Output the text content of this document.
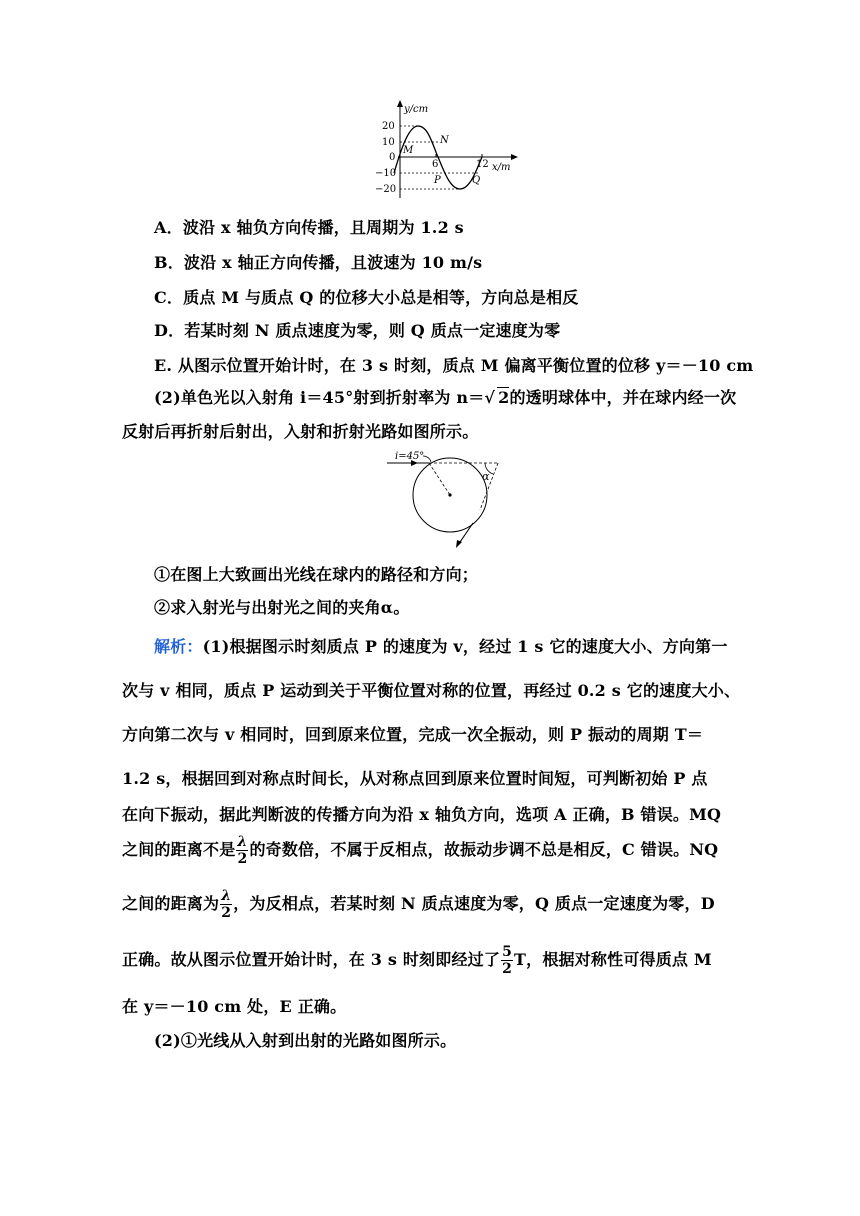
y/cm
x/m
20
10
0
−10
−20
6	12
M
N
P	Q
A．波沿 x 轴负方向传播，且周期为 1.2 s
B．波沿 x 轴正方向传播，且波速为 10 m/s
C．质点 M 与质点 Q 的位移大小总是相等，方向总是相反
D．若某时刻 N 质点速度为零，则 Q 质点一定速度为零
E. 从图示位置开始计时，在 3 s 时刻，质点 M 偏离平衡位置的位移 y＝－10 cm
(2)单色光以入射角 i＝45°射到折射率为 n＝√ 2的透明球体中，并在球内经一次
反射后再折射后射出，入射和折射光路如图所示。
i=45°
α
①在图上大致画出光线在球内的路径和方向；
②求入射光与出射光之间的夹角α。
解析：(1)根据图示时刻质点 P 的速度为 v，经过 1 s 它的速度大小、方向第一
次与 v 相同，质点 P 运动到关于平衡位置对称的位置，再经过 0.2 s 它的速度大小、
方向第二次与 v 相同时，回到原来位置，完成一次全振动，则 P 振动的周期 T＝
1.2 s，根据回到对称点时间长，从对称点回到原来位置时间短，可判断初始 P 点
在向下振动，据此判断波的传播方向为沿 x 轴负方向，选项 A 正确，B 错误。MQ
之间的距离不是 $\frac{\lambda}{2}$ 的奇数倍，不属于反相点，故振动步调不总是相反，C 错误。NQ
之间的距离为 $\frac{\lambda}{2}$ ，为反相点，若某时刻 N 质点速度为零，Q 质点一定速度为零，D
正确。故从图示位置开始计时，在 3 s 时刻即经过了 $\frac{5}{2}$ T，根据对称性可得质点 M
在 y＝－10 cm 处，E 正确。
(2)①光线从入射到出射的光路如图所示。
